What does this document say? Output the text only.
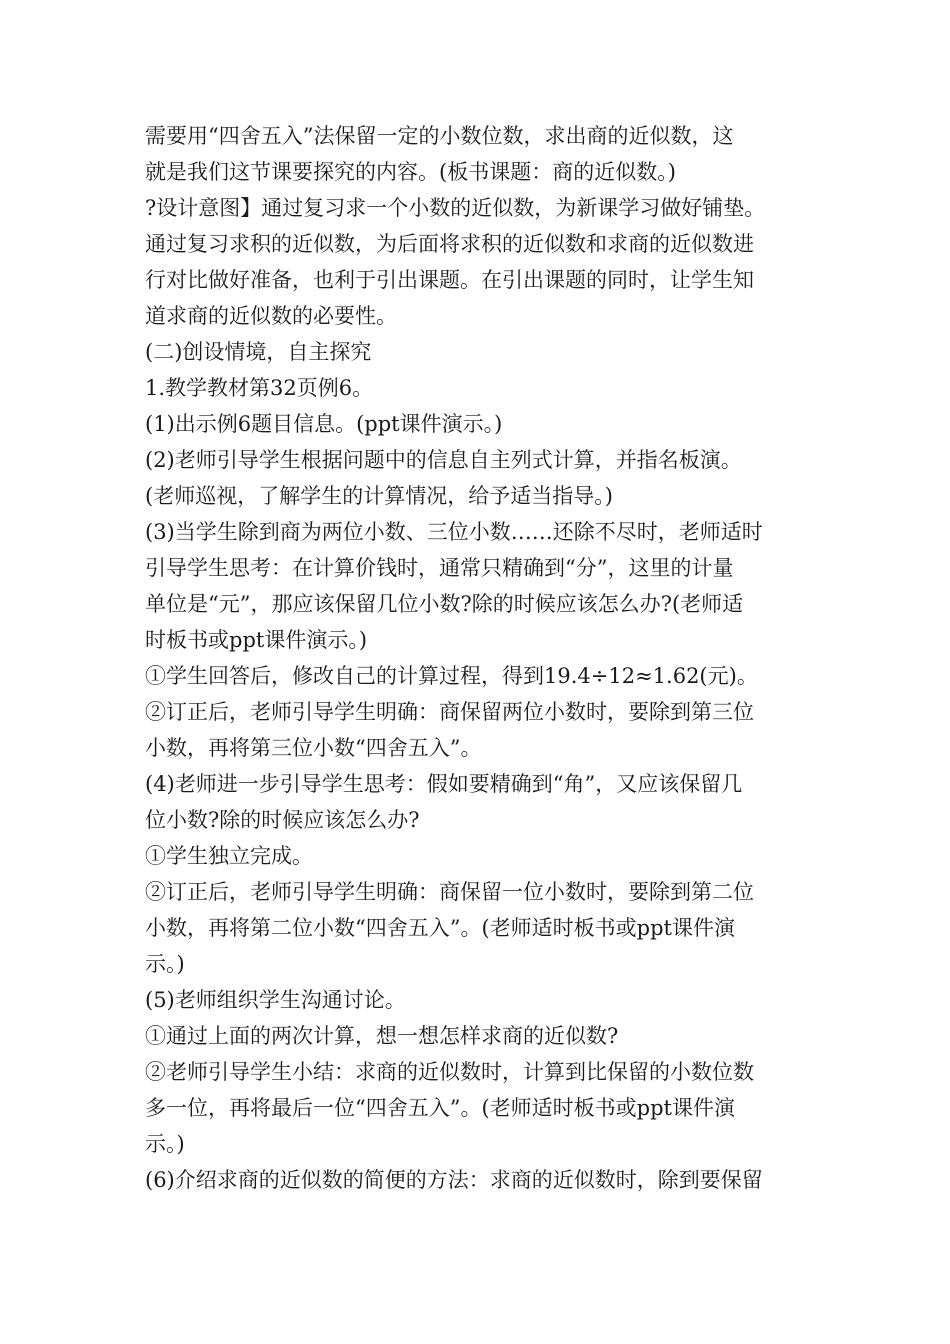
需要用“四舍五入”法保留一定的小数位数，求出商的近似数，这
就是我们这节课要探究的内容。(板书课题：商的近似数。)
?设计意图】通过复习求一个小数的近似数，为新课学习做好铺垫。
通过复习求积的近似数，为后面将求积的近似数和求商的近似数进
行对比做好准备，也利于引出课题。在引出课题的同时，让学生知
道求商的近似数的必要性。
(二)创设情境，自主探究
1.教学教材第32页例6。
(1)出示例6题目信息。(ppt课件演示。)
(2)老师引导学生根据问题中的信息自主列式计算，并指名板演。
(老师巡视，了解学生的计算情况，给予适当指导。)
(3)当学生除到商为两位小数、三位小数……还除不尽时，老师适时
引导学生思考：在计算价钱时，通常只精确到“分”，这里的计量
单位是“元”，那应该保留几位小数?除的时候应该怎么办?(老师适
时板书或ppt课件演示。)
①学生回答后，修改自己的计算过程，得到19.4÷12≈1.62(元)。
②订正后，老师引导学生明确：商保留两位小数时，要除到第三位
小数，再将第三位小数“四舍五入”。
(4)老师进一步引导学生思考：假如要精确到“角”，又应该保留几
位小数?除的时候应该怎么办?
①学生独立完成。
②订正后，老师引导学生明确：商保留一位小数时，要除到第二位
小数，再将第二位小数“四舍五入”。(老师适时板书或ppt课件演
示。)
(5)老师组织学生沟通讨论。
①通过上面的两次计算，想一想怎样求商的近似数?
②老师引导学生小结：求商的近似数时，计算到比保留的小数位数
多一位，再将最后一位“四舍五入”。(老师适时板书或ppt课件演
示。)
(6)介绍求商的近似数的简便的方法：求商的近似数时，除到要保留
